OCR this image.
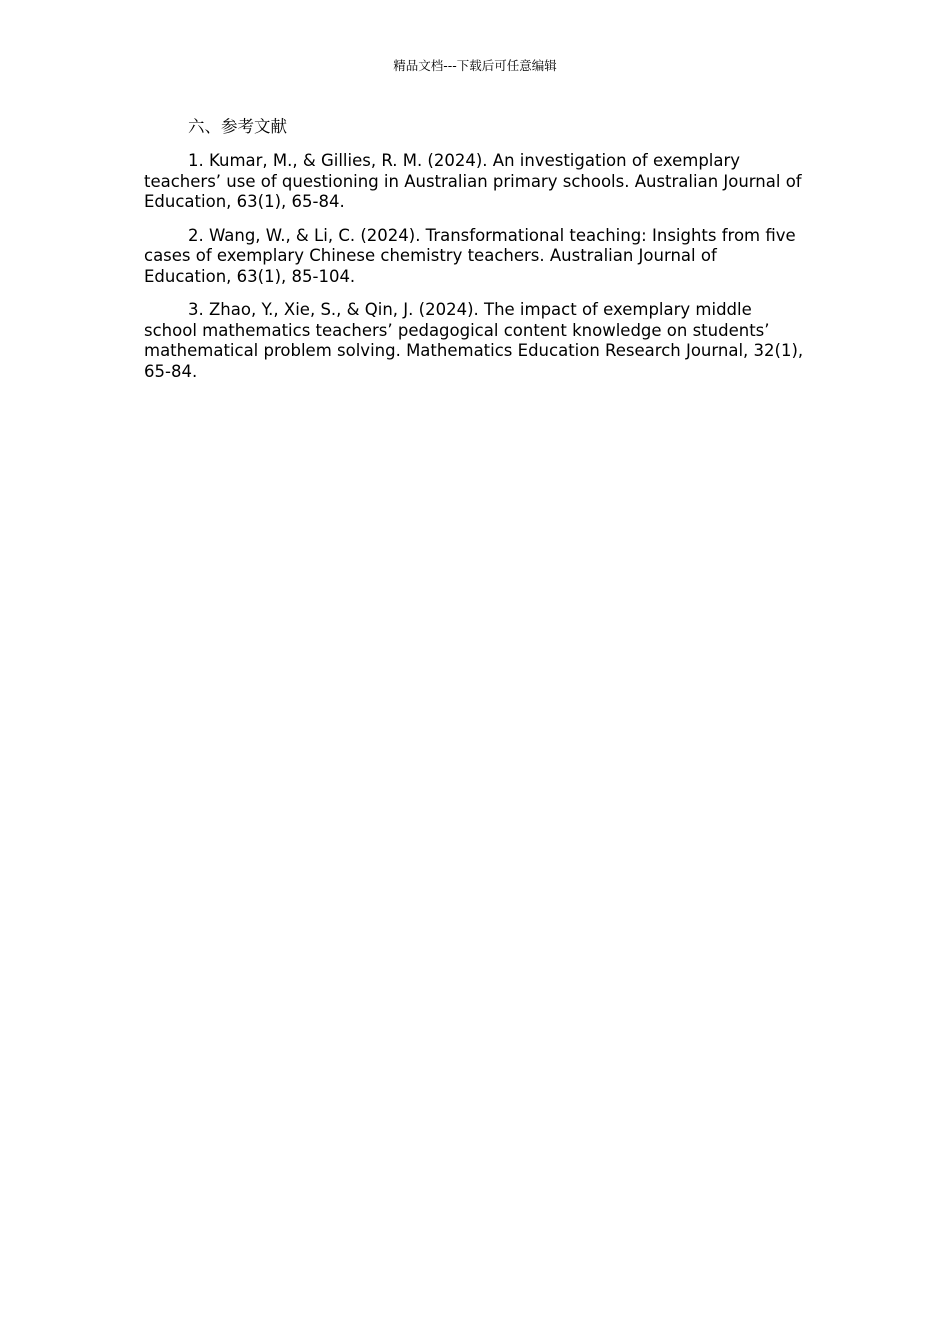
精品文档---下载后可任意编辑

六、参考文献

1. Kumar, M., & Gillies, R. M. (2024). An investigation of exemplary teachers’ use of questioning in Australian primary schools. Australian Journal of Education, 63(1), 65-84.

2. Wang, W., & Li, C. (2024). Transformational teaching: Insights from five cases of exemplary Chinese chemistry teachers. Australian Journal of Education, 63(1), 85-104.

3. Zhao, Y., Xie, S., & Qin, J. (2024). The impact of exemplary middle school mathematics teachers’ pedagogical content knowledge on students’ mathematical problem solving. Mathematics Education Research Journal, 32(1), 65-84.
